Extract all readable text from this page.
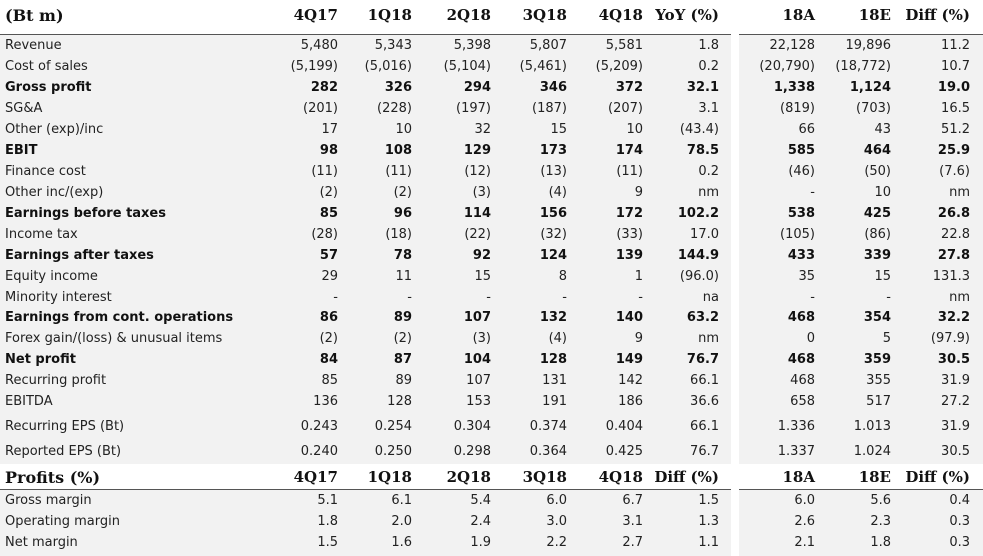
(Bt m)	4Q17 1Q18 2Q18 3Q18 4Q18 YoY (%)	18A	18E Diff (%)
Revenue	5,480	5,343	5,398	5,807	5,581	1.8	22,128 19,896	11.2
Cost of sales	(5,199) (5,016) (5,104) (5,461) (5,209)	0.2	(20,790) (18,772)	10.7
Gross profit	282	326	294	346	372	32.1	1,338	1,124	19.0
SG&A	(201)	(228)	(197)	(187)	(207)	3.1	(819)	(703)	16.5
Other (exp)/inc	17	10	32	15	10	(43.4)	66	43	51.2
EBIT	98	108	129	173	174	78.5	585	464	25.9
Finance cost	(11)	(11)	(12)	(13)	(11)	0.2	(46)	(50)	(7.6)
Other inc/(exp)	(2)	(2)	(3)	(4)	9	nm	-	10	nm
Earnings before taxes	85	96	114	156	172	102.2	538	425	26.8
Income tax	(28)	(18)	(22)	(32)	(33)	17.0	(105)	(86)	22.8
Earnings after taxes	57	78	92	124	139	144.9	433	339	27.8
Equity income	29	11	15	8	1	(96.0)	35	15	131.3
Minority interest	-	-	-	-	-	na	-	-	nm
Earnings from cont. operations	86	89	107	132	140	63.2	468	354	32.2
Forex gain/(loss) & unusual items	(2)	(2)	(3)	(4)	9	nm	0	5	(97.9)
Net profit	84	87	104	128	149	76.7	468	359	30.5
Recurring profit	85	89	107	131	142	66.1	468	355	31.9
EBITDA	136	128	153	191	186	36.6	658	517	27.2
Recurring EPS (Bt)	0.243	0.254	0.304	0.374	0.404	66.1	1.336	1.013	31.9
Reported EPS (Bt)	0.240	0.250	0.298	0.364	0.425	76.7	1.337	1.024	30.5
Profits (%)	4Q17 1Q18 2Q18 3Q18 4Q18 Diff (%)	18A	18E Diff (%)
Gross margin	5.1	6.1	5.4	6.0	6.7	1.5	6.0	5.6	0.4
Operating margin	1.8	2.0	2.4	3.0	3.1	1.3	2.6	2.3	0.3
Net margin	1.5	1.6	1.9	2.2	2.7	1.1	2.1	1.8	0.3
